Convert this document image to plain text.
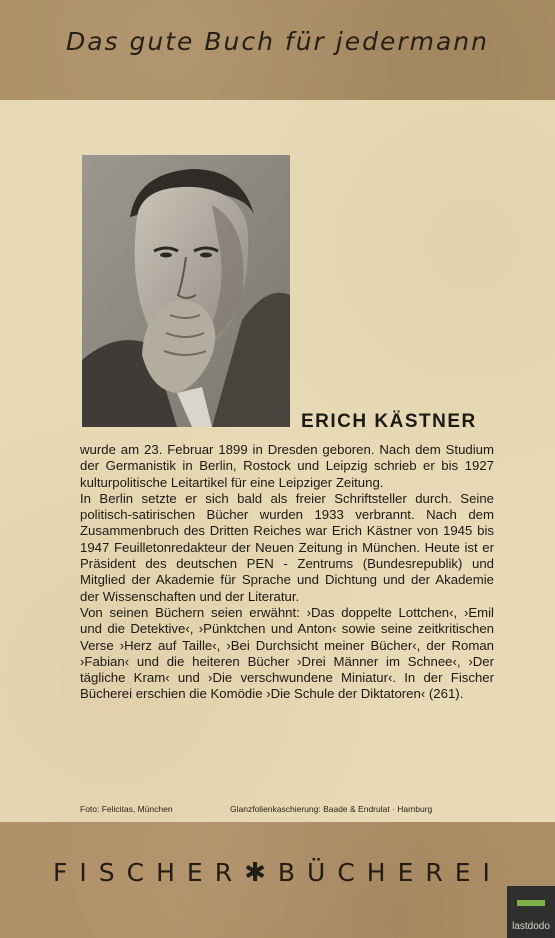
Das gute Buch für jedermann
ERICH KÄSTNER

wurde am 23. Februar 1899 in Dresden geboren. Nach dem Studium der Germanistik in Berlin, Rostock und Leipzig schrieb er bis 1927 kulturpolitische Leitartikel für eine Leipziger Zeitung.

In Berlin setzte er sich bald als freier Schriftsteller durch. Seine politisch-satirischen Bücher wurden 1933 verbrannt. Nach dem Zusammenbruch des Dritten Reiches war Erich Kästner von 1945 bis 1947 Feuilletonredakteur der Neuen Zeitung in München. Heute ist er Präsident des deutschen PEN - Zentrums (Bundesrepublik) und Mitglied der Akademie für Sprache und Dichtung und der Akademie der Wissenschaften und der Literatur.

Von seinen Büchern seien erwähnt: ›Das doppelte Lottchen‹, ›Emil und die Detektive‹, ›Pünktchen und Anton‹ sowie seine zeitkritischen Verse ›Herz auf Taille‹, ›Bei Durchsicht meiner Bücher‹, der Roman ›Fabian‹ und die heiteren Bücher ›Drei Männer im Schnee‹, ›Der tägliche Kram‹ und ›Die verschwundene Miniatur‹. In der Fischer Bücherei erschien die Komödie ›Die Schule der Diktatoren‹ (261).

Foto: Felicitas, München	Glanzfolienkaschierung: Baade & Endrulat · Hamburg
FISCHER✱BÜCHEREI
lastdodo
